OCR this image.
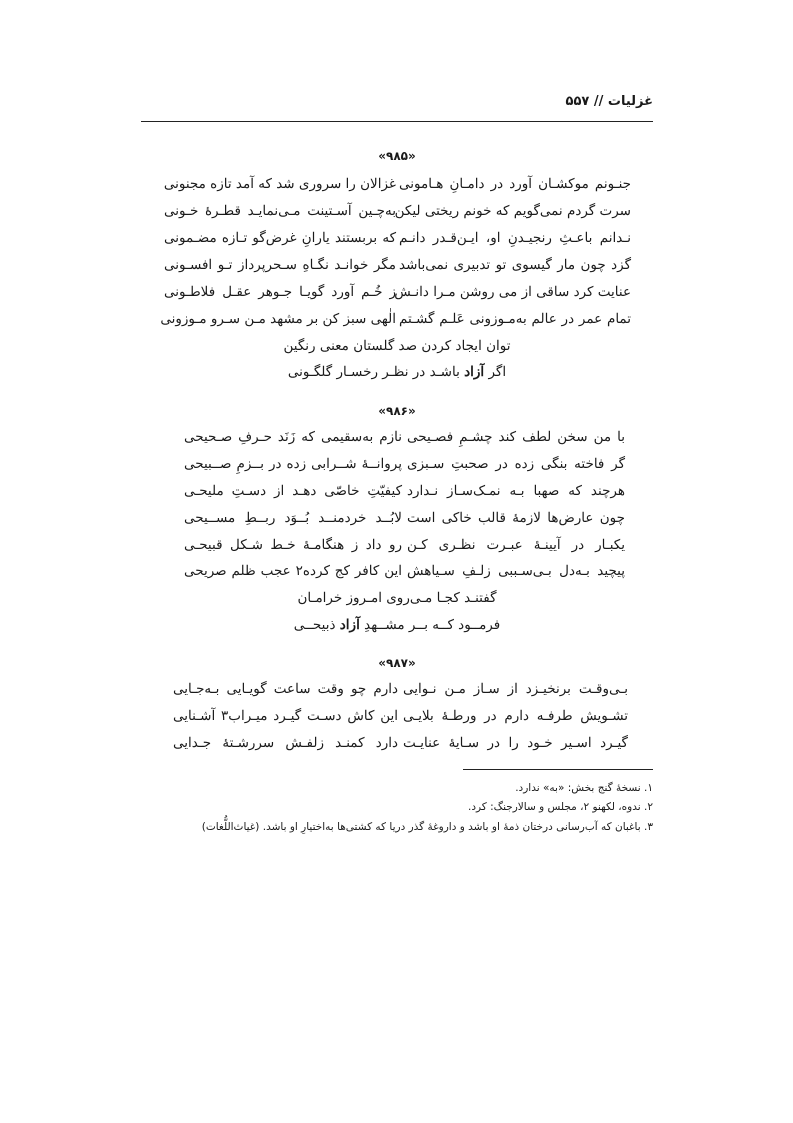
غزلیات // ۵۵۷
«۹۸۵»
جنـونم موکشـان آورد در دامـانِ هـامونی
غزالان را سروری شد که آمد تازه مجنونی
سرت گردم نمی‌گویم که خونم ریختی لیکن
به‌چـین آسـتینت مـی‌نمایـد قطـرهٔ خـونی
نـدانم باعـثِ رنجیـدنِ او، ایـن‌قـدر دانـم
که بربستند یارانِ غرض‌گو تـازه مضـمونی
گزد چون مار گیسوی تو تدبیری نمی‌باشد
مگر خوانـد نگـاهِ سـحرپرداز تـو افسـونی
عنایت کرد ساقی از می روشن مـرا دانـش
ز خُـم آورد گویـا جـوهر عقـل فلاطـونی
تمام عمر در عالم به‌مـوزونی عَلـم گشـتم
الٰهی سبز کن بر مشهد مـن سـرو مـوزونی
توان ایجاد کردن صد گلستان معنی رنگین
اگر آزاد باشـد در نظـر رخسـار گلگـونی
«۹۸۶»
با من سخن لطف کند چشـمِ فصـیحی
نازم به‌سقیمی که زَنَد حـرفِ صـحیحی
گر فاخته بنگی زده در صحبتِ سـبزی
پروانــهٔ شــرابی زده در بــزمِ صــبیحی
هرچند که صهبا بـه نمـک‌سـاز نـدارد
کیفیّتِ خاصّی دهـد از دسـتِ ملیحـی
چون عارض‌ها لازمهٔ قالب خاکی است
لابُــد خردمنــد بُــوَد ربــطِ مســیحی
یکبـار در آیینـهٔ عبـرت نظـری کـن
رو داد ز هنگامـهٔ خـط شـکل قبیحـی
پیچید بـه‌دل بـی‌سـببی زلـفِ سـیاهش
این کافر کج کرده۲ عجب ظلم صریحی
گفتنـد کجـا مـی‌روی امـروز خرامـان
فرمــود کــه بــر مشــهدِ آزاد ذبیحــی
«۹۸۷»
بـی‌وقـت برنخیـزد از سـاز مـن نـوایی
دارم چو وقت ساعت گویـایی بـه‌جـایی
تشـویش طرفـه دارم در ورطـهٔ بلایـی
این کاش دسـت گیـرد میـراب۳ آشـنایی
گیـرد اسـیر خـود را در سـایهٔ عنایـت
دارد کمنـد زلفـش سررشـتهٔ جـدایی
۱. نسخهٔ گنج بخش: «به» ندارد.
۲. ندوه، لکهنو ۲، مجلس و سالارجنگ: کرد.
۳. باغبان که آب‌رسانی درختان ذمهٔ او باشد و داروغهٔ گذر دریا که کشتی‌ها به‌اختیارِ او باشد. (غیاث‌اللُّغات)
